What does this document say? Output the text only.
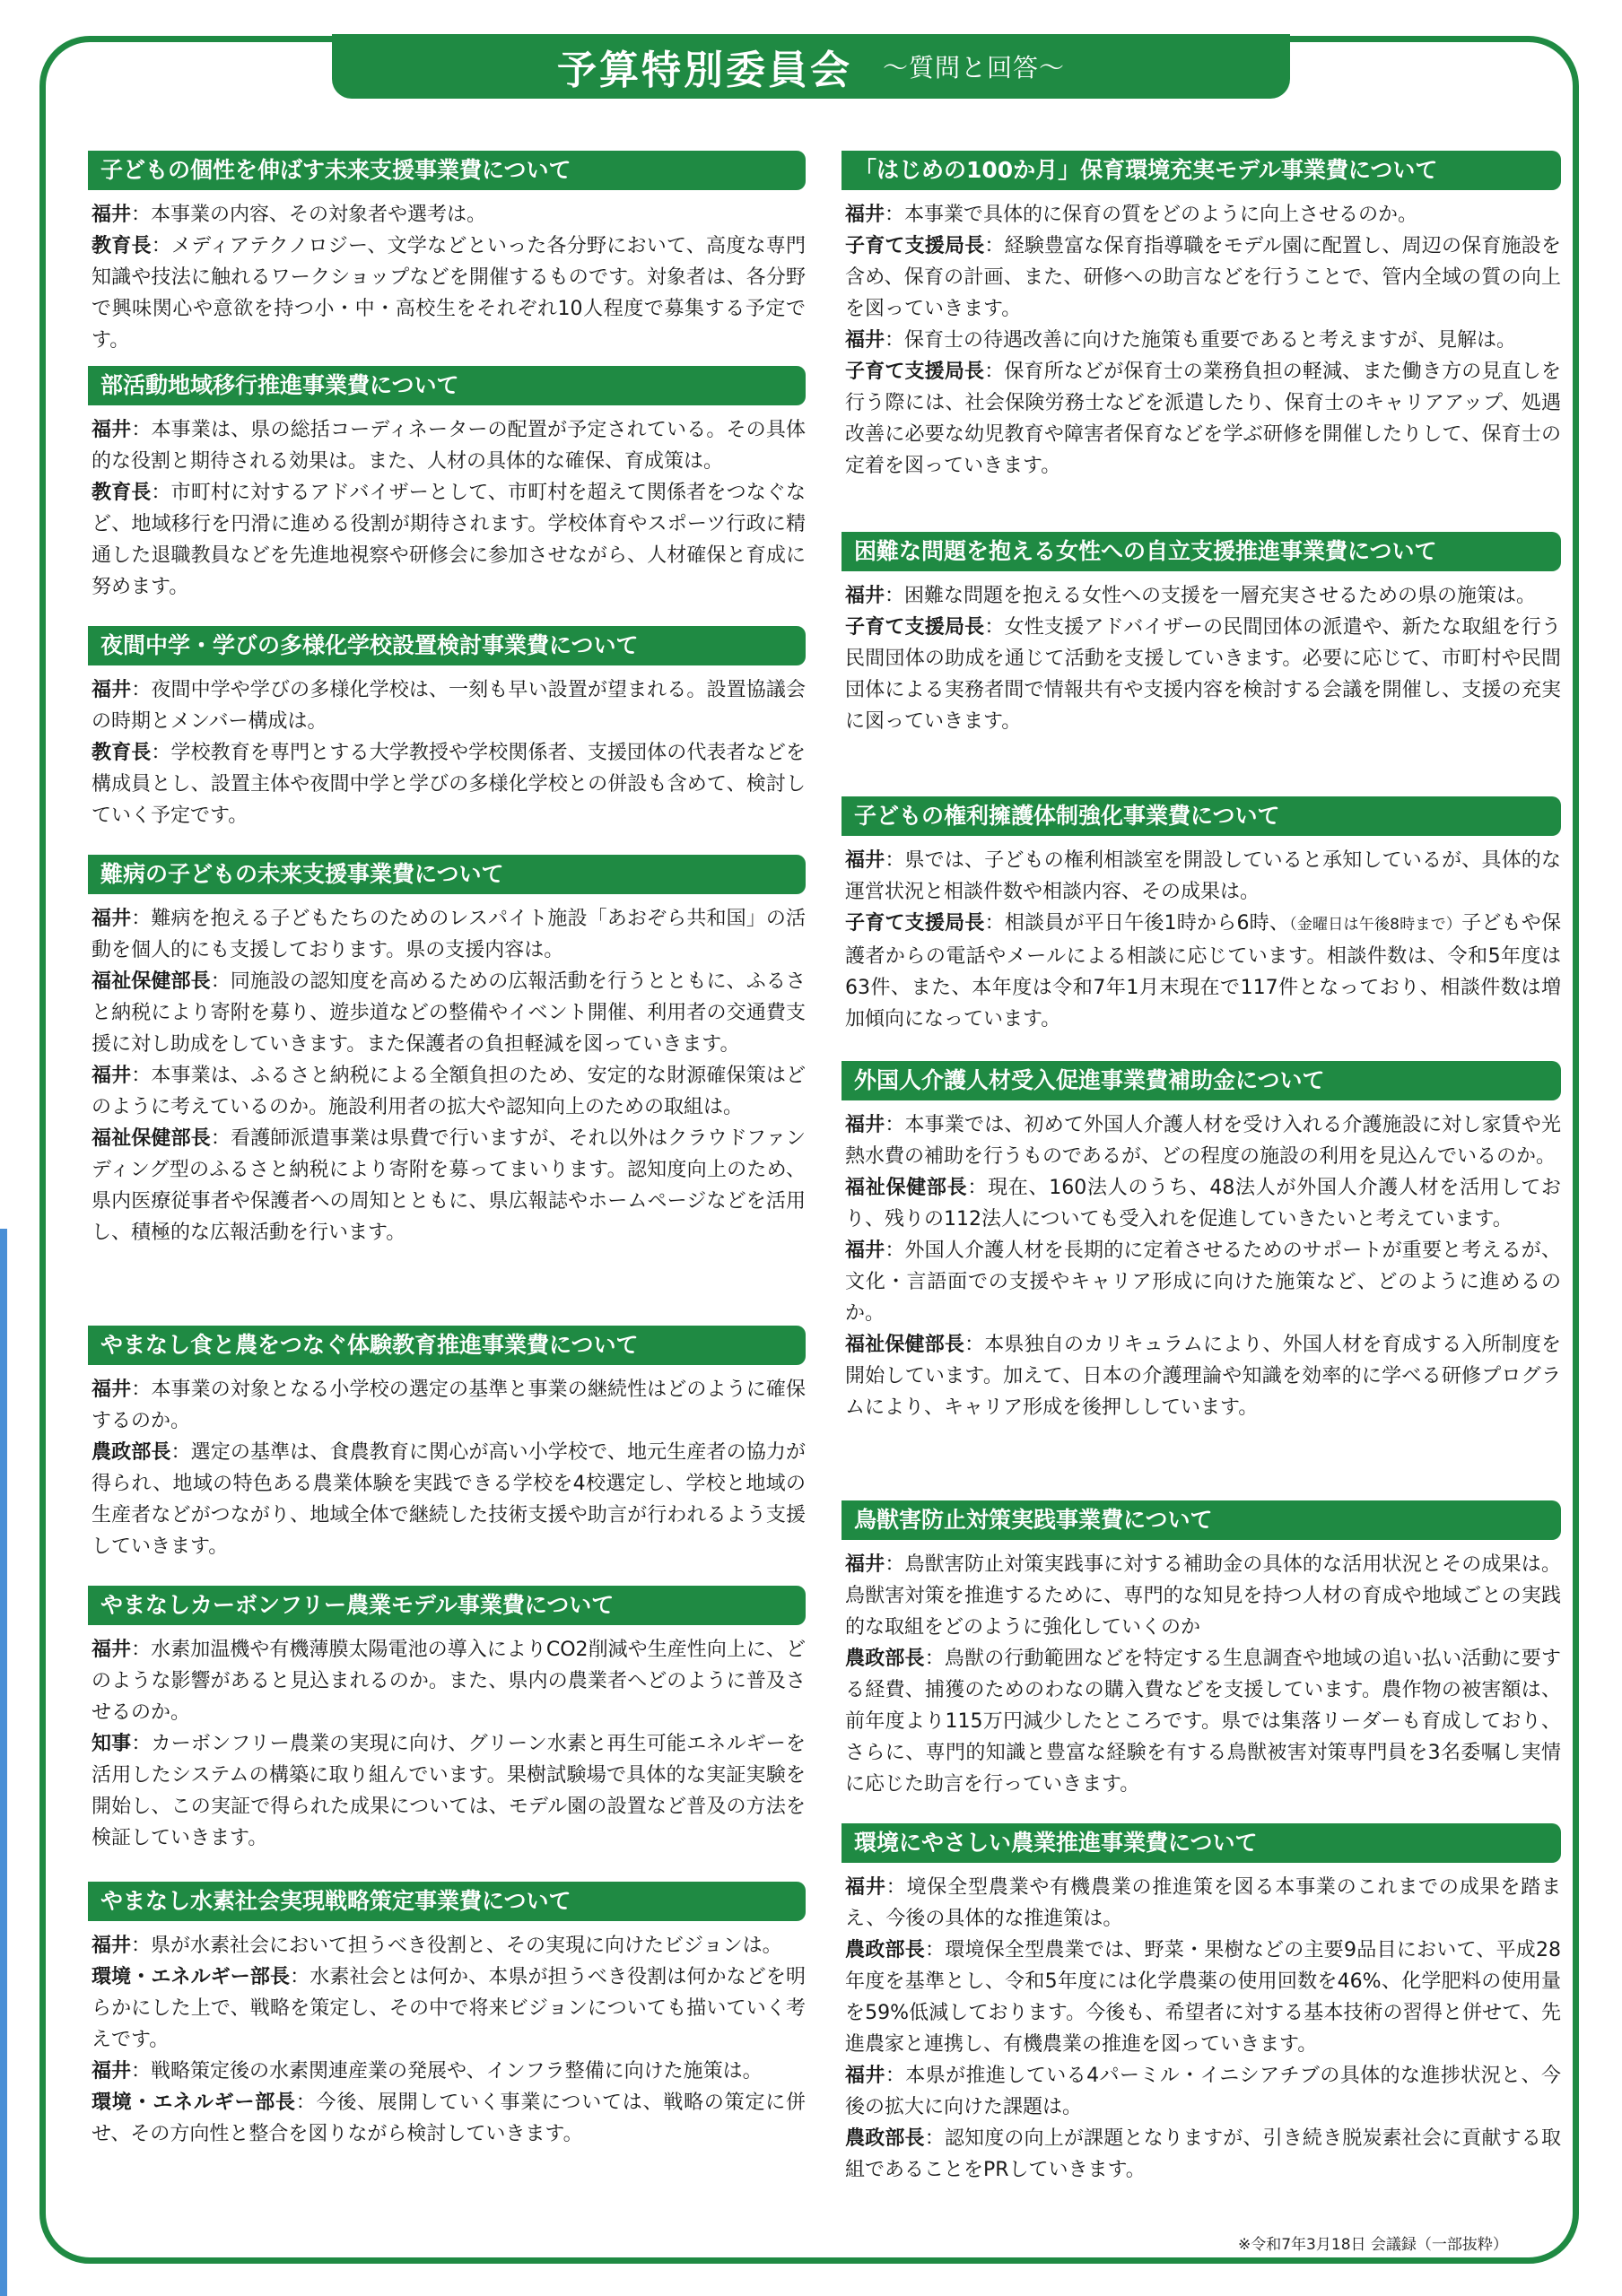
予算特別委員会 〜質問と回答〜
子どもの個性を伸ばす未来支援事業費について

福井：本事業の内容、その対象者や選考は。

教育長：メディアテクノロジー、文学などといった各分野において、高度な専門知識や技法に触れるワークショップなどを開催するものです。対象者は、各分野で興味関心や意欲を持つ小・中・高校生をそれぞれ10人程度で募集する予定です。

部活動地域移行推進事業費について

福井：本事業は、県の総括コーディネーターの配置が予定されている。その具体的な役割と期待される効果は。また、人材の具体的な確保、育成策は。

教育長：市町村に対するアドバイザーとして、市町村を超えて関係者をつなぐなど、地域移行を円滑に進める役割が期待されます。学校体育やスポーツ行政に精通した退職教員などを先進地視察や研修会に参加させながら、人材確保と育成に努めます。

夜間中学・学びの多様化学校設置検討事業費について

福井：夜間中学や学びの多様化学校は、一刻も早い設置が望まれる。設置協議会の時期とメンバー構成は。

教育長：学校教育を専門とする大学教授や学校関係者、支援団体の代表者などを構成員とし、設置主体や夜間中学と学びの多様化学校との併設も含めて、検討していく予定です。

難病の子どもの未来支援事業費について

福井：難病を抱える子どもたちのためのレスパイト施設「あおぞら共和国」の活動を個人的にも支援しております。県の支援内容は。

福祉保健部長：同施設の認知度を高めるための広報活動を行うとともに、ふるさと納税により寄附を募り、遊歩道などの整備やイベント開催、利用者の交通費支援に対し助成をしていきます。また保護者の負担軽減を図っていきます。

福井：本事業は、ふるさと納税による全額負担のため、安定的な財源確保策はどのように考えているのか。施設利用者の拡大や認知向上のための取組は。

福祉保健部長：看護師派遣事業は県費で行いますが、それ以外はクラウドファンディング型のふるさと納税により寄附を募ってまいります。認知度向上のため、県内医療従事者や保護者への周知とともに、県広報誌やホームページなどを活用し、積極的な広報活動を行います。

やまなし食と農をつなぐ体験教育推進事業費について

福井：本事業の対象となる小学校の選定の基準と事業の継続性はどのように確保するのか。

農政部長：選定の基準は、食農教育に関心が高い小学校で、地元生産者の協力が得られ、地域の特色ある農業体験を実践できる学校を4校選定し、学校と地域の生産者などがつながり、地域全体で継続した技術支援や助言が行われるよう支援していきます。

やまなしカーボンフリー農業モデル事業費について

福井：水素加温機や有機薄膜太陽電池の導入によりCO2削減や生産性向上に、どのような影響があると見込まれるのか。また、県内の農業者へどのように普及させるのか。

知事：カーボンフリー農業の実現に向け、グリーン水素と再生可能エネルギーを活用したシステムの構築に取り組んでいます。果樹試験場で具体的な実証実験を開始し、この実証で得られた成果については、モデル園の設置など普及の方法を検証していきます。

やまなし水素社会実現戦略策定事業費について

福井：県が水素社会において担うべき役割と、その実現に向けたビジョンは。

環境・エネルギー部長：水素社会とは何か、本県が担うべき役割は何かなどを明らかにした上で、戦略を策定し、その中で将来ビジョンについても描いていく考えです。

福井：戦略策定後の水素関連産業の発展や、インフラ整備に向けた施策は。

環境・エネルギー部長：今後、展開していく事業については、戦略の策定に併せ、その方向性と整合を図りながら検討していきます。

「はじめの100か月」保育環境充実モデル事業費について

福井：本事業で具体的に保育の質をどのように向上させるのか。

子育て支援局長：経験豊富な保育指導職をモデル園に配置し、周辺の保育施設を含め、保育の計画、また、研修への助言などを行うことで、管内全域の質の向上を図っていきます。

福井：保育士の待遇改善に向けた施策も重要であると考えますが、見解は。

子育て支援局長：保育所などが保育士の業務負担の軽減、また働き方の見直しを行う際には、社会保険労務士などを派遣したり、保育士のキャリアアップ、処遇改善に必要な幼児教育や障害者保育などを学ぶ研修を開催したりして、保育士の定着を図っていきます。

困難な問題を抱える女性への自立支援推進事業費について

福井：困難な問題を抱える女性への支援を一層充実させるための県の施策は。

子育て支援局長：女性支援アドバイザーの民間団体の派遣や、新たな取組を行う民間団体の助成を通じて活動を支援していきます。必要に応じて、市町村や民間団体による実務者間で情報共有や支援内容を検討する会議を開催し、支援の充実に図っていきます。

子どもの権利擁護体制強化事業費について

福井：県では、子どもの権利相談室を開設していると承知しているが、具体的な運営状況と相談件数や相談内容、その成果は。

子育て支援局長：相談員が平日午後1時から6時、（金曜日は午後8時まで）子どもや保護者からの電話やメールによる相談に応じています。相談件数は、令和5年度は63件、また、本年度は令和7年1月末現在で117件となっており、相談件数は増加傾向になっています。

外国人介護人材受入促進事業費補助金について

福井：本事業では、初めて外国人介護人材を受け入れる介護施設に対し家賃や光熱水費の補助を行うものであるが、どの程度の施設の利用を見込んでいるのか。

福祉保健部長：現在、160法人のうち、48法人が外国人介護人材を活用しており、残りの112法人についても受入れを促進していきたいと考えています。

福井：外国人介護人材を長期的に定着させるためのサポートが重要と考えるが、文化・言語面での支援やキャリア形成に向けた施策など、どのように進めるのか。

福祉保健部長：本県独自のカリキュラムにより、外国人材を育成する入所制度を開始しています。加えて、日本の介護理論や知識を効率的に学べる研修プログラムにより、キャリア形成を後押ししています。

鳥獣害防止対策実践事業費について

福井：鳥獣害防止対策実践事に対する補助金の具体的な活用状況とその成果は。鳥獣害対策を推進するために、専門的な知見を持つ人材の育成や地域ごとの実践的な取組をどのように強化していくのか

農政部長：鳥獣の行動範囲などを特定する生息調査や地域の追い払い活動に要する経費、捕獲のためのわなの購入費などを支援しています。農作物の被害額は、前年度より115万円減少したところです。県では集落リーダーも育成しており、さらに、専門的知識と豊富な経験を有する鳥獣被害対策専門員を3名委嘱し実情に応じた助言を行っていきます。

環境にやさしい農業推進事業費について

福井：境保全型農業や有機農業の推進策を図る本事業のこれまでの成果を踏まえ、今後の具体的な推進策は。

農政部長：環境保全型農業では、野菜・果樹などの主要9品目において、平成28年度を基準とし、令和5年度には化学農薬の使用回数を46%、化学肥料の使用量を59%低減しております。今後も、希望者に対する基本技術の習得と併せて、先進農家と連携し、有機農業の推進を図っていきます。

福井：本県が推進している4パーミル・イニシアチブの具体的な進捗状況と、今後の拡大に向けた課題は。

農政部長：認知度の向上が課題となりますが、引き続き脱炭素社会に貢献する取組であることをPRしていきます。

※令和7年3月18日 会議録（一部抜粋）
